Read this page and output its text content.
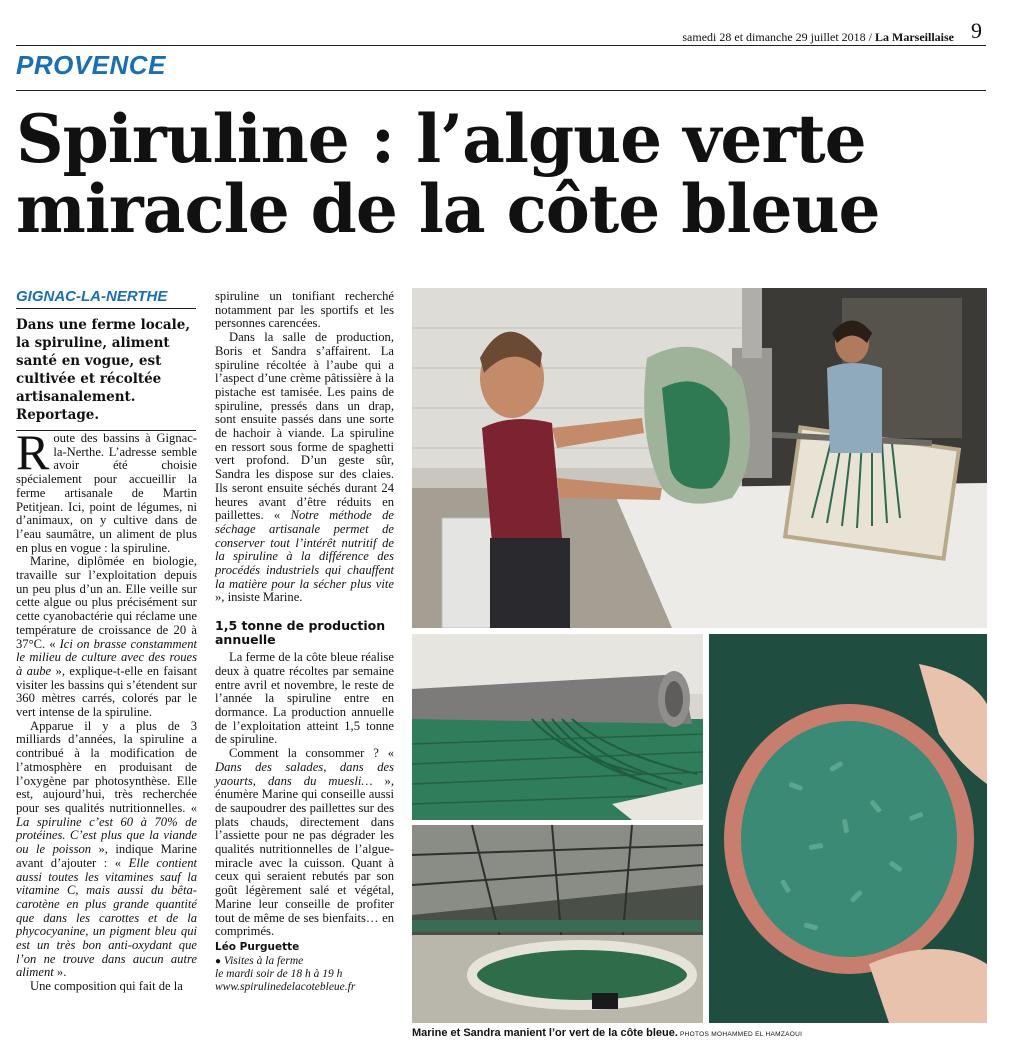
samedi 28 et dimanche 29 juillet 2018 / La Marseillaise 9
PROVENCE
Spiruline : l’algue verte
miracle de la côte bleue
GIGNAC-LA-NERTHE
Dans une ferme locale, la spiruline, aliment santé en vogue, est cultivée et récoltée artisanalement. Reportage.

Route des bassins à Gignac-la-Nerthe. L’adresse semble avoir été choisie spécialement pour accueillir la ferme artisanale de Martin Petitjean. Ici, point de légumes, ni d’animaux, on y cultive dans de l’eau saumâtre, un aliment de plus en plus en vogue : la spiruline.

Marine, diplômée en biologie, travaille sur l’exploitation depuis un peu plus d’un an. Elle veille sur cette algue ou plus précisément sur cette cyanobactérie qui réclame une température de croissance de 20 à 37°C. « Ici on brasse constamment le milieu de culture avec des roues à aube », explique-t-elle en faisant visiter les bassins qui s’étendent sur 360 mètres carrés, colorés par le vert intense de la spiruline.

Apparue il y a plus de 3 milliards d’années, la spiruline a contribué à la modification de l’atmosphère en produisant de l’oxygène par photosynthèse. Elle est, aujourd’hui, très recherchée pour ses qualités nutritionnelles. « La spiruline c’est 60 à 70% de protéines. C’est plus que la viande ou le poisson », indique Marine avant d’ajouter : « Elle contient aussi toutes les vitamines sauf la vitamine C, mais aussi du bêta-carotène en plus grande quantité que dans les carottes et de la phycocyanine, un pigment bleu qui est un très bon anti-oxydant que l’on ne trouve dans aucun autre aliment ».

Une composition qui fait de la

spiruline un tonifiant recherché notamment par les sportifs et les personnes carencées.

Dans la salle de production, Boris et Sandra s’affairent. La spiruline récoltée à l’aube qui a l’aspect d’une crème pâtissière à la pistache est tamisée. Les pains de spiruline, pressés dans un drap, sont ensuite passés dans une sorte de hachoir à viande. La spiruline en ressort sous forme de spaghetti vert profond. D’un geste sûr, Sandra les dispose sur des claies. Ils seront ensuite séchés durant 24 heures avant d’être réduits en paillettes. « Notre méthode de séchage artisanale permet de conserver tout l’intérêt nutritif de la spiruline à la différence des procédés industriels qui chauffent la matière pour la sécher plus vite », insiste Marine.

1,5 tonne de production annuelle

La ferme de la côte bleue réalise deux à quatre récoltes par semaine entre avril et novembre, le reste de l’année la spiruline entre en dormance. La production annuelle de l’exploitation atteint 1,5 tonne de spiruline.

Comment la consommer ? « Dans des salades, dans des yaourts, dans du muesli… », énumère Marine qui conseille aussi de saupoudrer des paillettes sur des plats chauds, directement dans l’assiette pour ne pas dégrader les qualités nutritionnelles de l’algue-miracle avec la cuisson. Quant à ceux qui seraient rebutés par son goût légèrement salé et végétal, Marine leur conseille de profiter tout de même de ses bienfaits… en comprimés.

Léo Purguette
● Visites à la ferme
le mardi soir de 18 h à 19 h
www.spirulinedelacotebleue.fr
Marine et Sandra manient l’or vert de la côte bleue. PHOTOS MOHAMMED EL HAMZAOUI
